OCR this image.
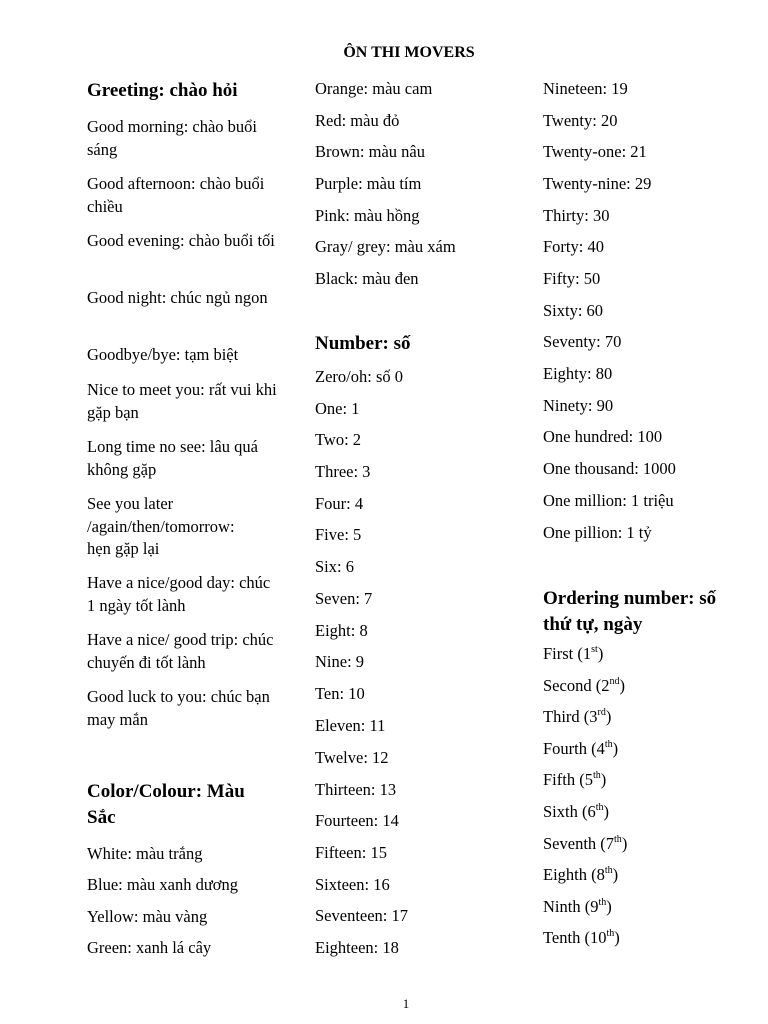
ÔN THI MOVERS
Greeting: chào hỏi
Good morning: chào buổi sáng
Good afternoon: chào buổi chiều
Good evening: chào buổi tối
Good night: chúc ngủ ngon
Goodbye/bye: tạm biệt
Nice to meet you: rất vui khi gặp bạn
Long time no see: lâu quá không gặp
See you later /again/then/tomorrow: hẹn gặp lại
Have a nice/good day: chúc 1 ngày tốt lành
Have a nice/ good trip: chúc chuyến đi tốt lành
Good luck to you: chúc bạn may mắn
Color/Colour: Màu Sắc
White: màu trắng
Blue: màu xanh dương
Yellow: màu vàng
Green: xanh lá cây
Orange: màu cam
Red: màu đỏ
Brown: màu nâu
Purple: màu tím
Pink: màu hồng
Gray/ grey: màu xám
Black: màu đen
Number: số
Zero/oh: số 0
One: 1
Two: 2
Three: 3
Four: 4
Five: 5
Six: 6
Seven: 7
Eight: 8
Nine: 9
Ten: 10
Eleven: 11
Twelve: 12
Thirteen: 13
Fourteen: 14
Fifteen: 15
Sixteen: 16
Seventeen: 17
Eighteen: 18
Nineteen: 19
Twenty: 20
Twenty-one: 21
Twenty-nine: 29
Thirty: 30
Forty: 40
Fifty: 50
Sixty: 60
Seventy: 70
Eighty: 80
Ninety: 90
One hundred: 100
One thousand: 1000
One million: 1 triệu
One pillion: 1 tỷ
Ordering number: số thứ tự, ngày
First (1st)
Second (2nd)
Third (3rd)
Fourth (4th)
Fifth (5th)
Sixth (6th)
Seventh (7th)
Eighth (8th)
Ninth (9th)
Tenth (10th)
1
